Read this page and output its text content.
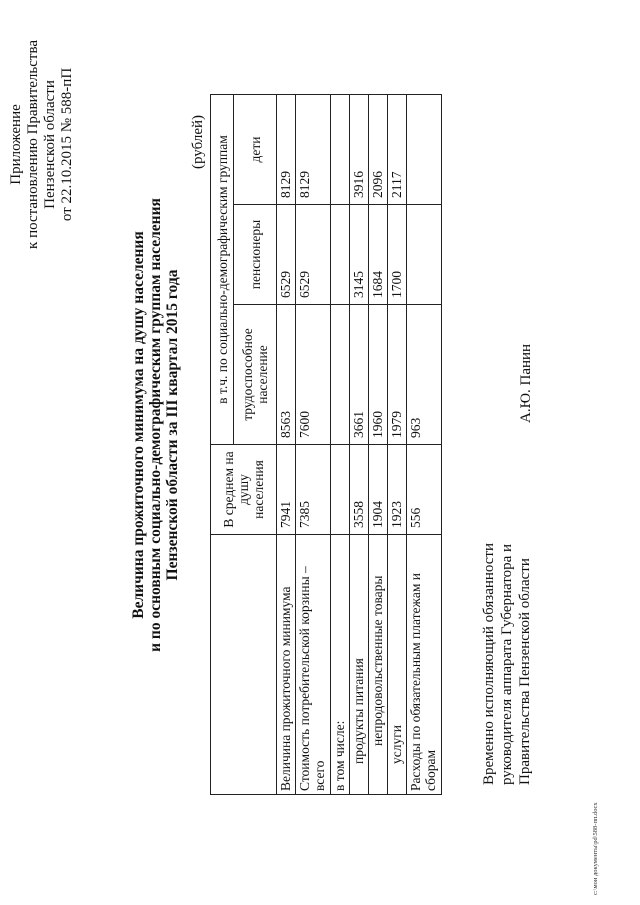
Приложение к постановлению Правительства Пензенской области от 22.10.2015 № 588-пП
Величина прожиточного минимума на душу населения и по основным социально-демографическим группам населения Пензенской области за III квартал 2015 года
(рублей)
	В среднем на душу населения	в т.ч. по социально-демографическим группам		
		трудоспособное население	пенсионеры	дети
Величина прожиточного минимума	7941	8563	6529	8129
Стоимость потребительской корзины – всего	7385	7600	6529	8129
в том числе:				
продукты питания	3558	3661	3145	3916
непродовольственные товары	1904	1960	1684	2096
услуги	1923	1979	1700	2117
Расходы по обязательным платежам и сборам	556	963		
Временно исполняющий обязанности руководителя аппарата Губернатора и Правительства Пензенской области
А.Ю. Панин
c:\мои документы\pd\588-пп.docx
